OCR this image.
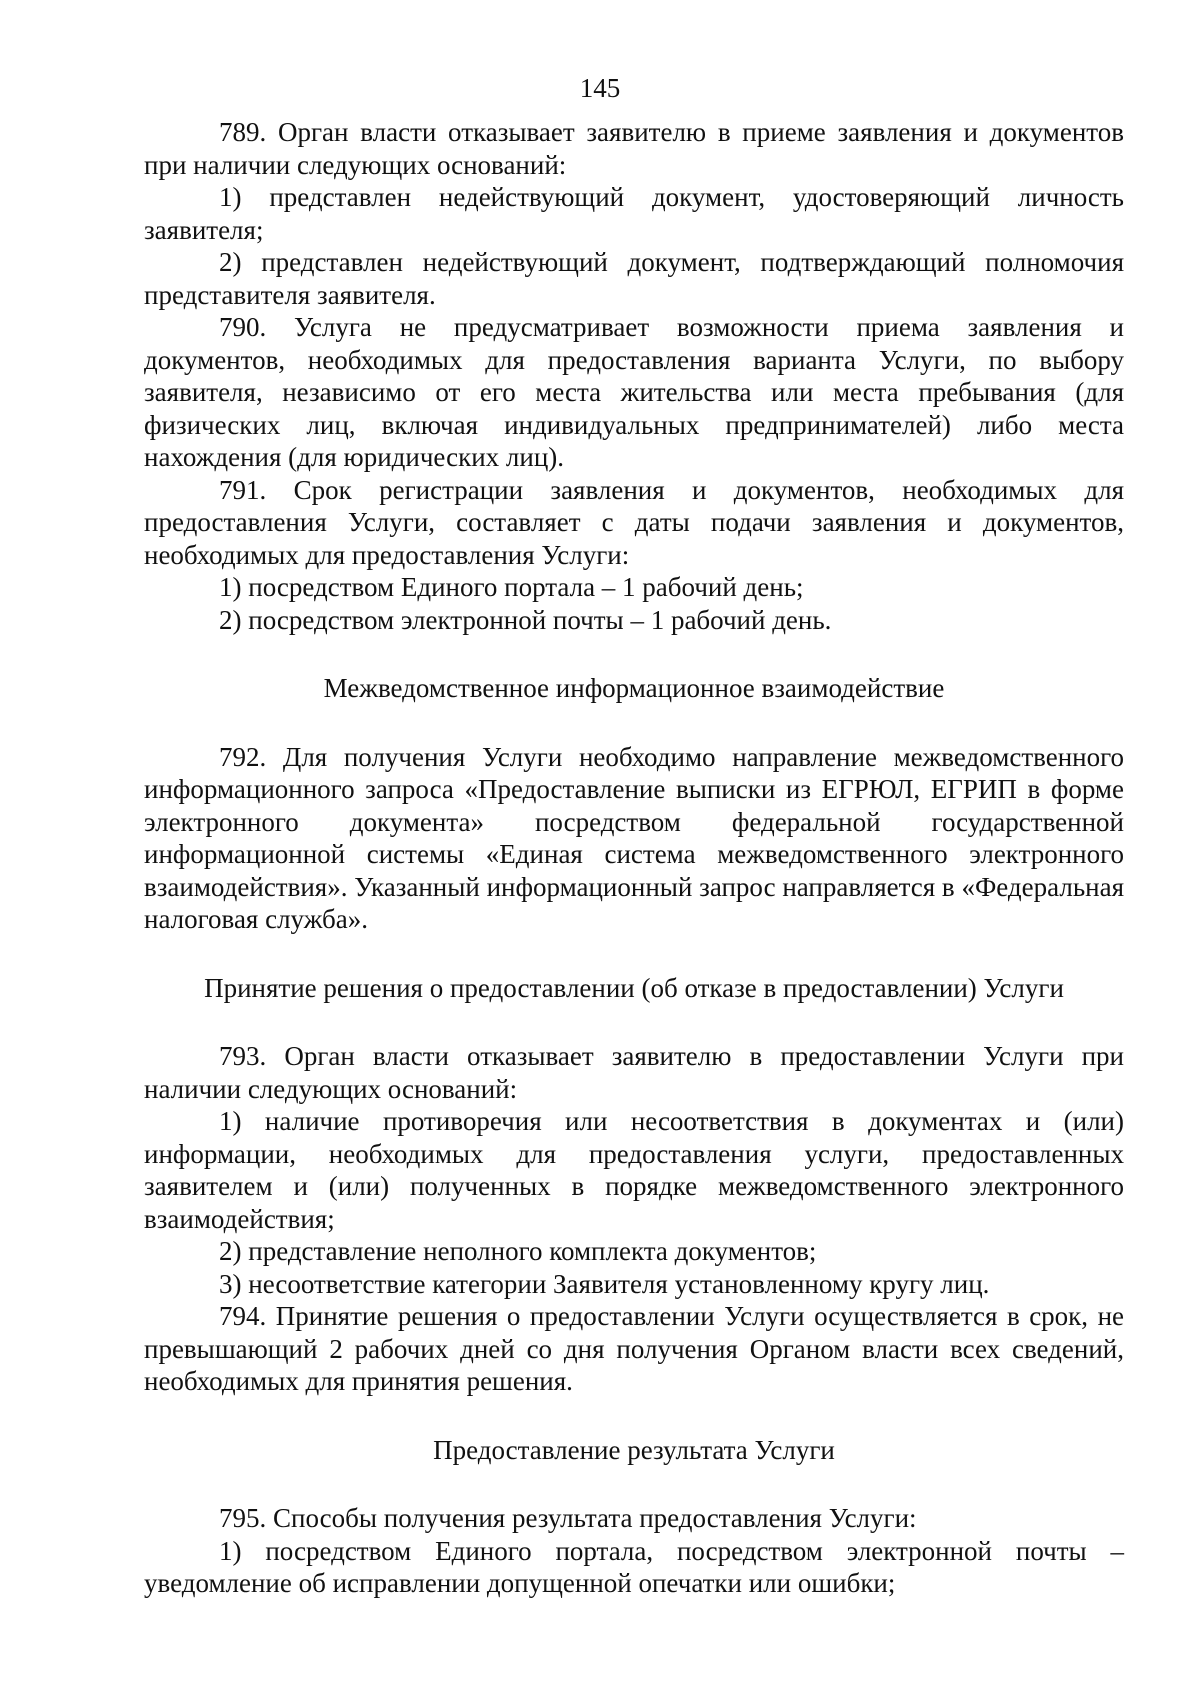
145

789. Орган власти отказывает заявителю в приеме заявления и документов при наличии следующих оснований:

1) представлен недействующий документ, удостоверяющий личность заявителя;

2) представлен недействующий документ, подтверждающий полномочия представителя заявителя.

790. Услуга не предусматривает возможности приема заявления и документов, необходимых для предоставления варианта Услуги, по выбору заявителя, независимо от его места жительства или места пребывания (для физических лиц, включая индивидуальных предпринимателей) либо места нахождения (для юридических лиц).

791. Срок регистрации заявления и документов, необходимых для предоставления Услуги, составляет с даты подачи заявления и документов, необходимых для предоставления Услуги:

1) посредством Единого портала – 1 рабочий день;

2) посредством электронной почты – 1 рабочий день.

Межведомственное информационное взаимодействие

792. Для получения Услуги необходимо направление межведомственного информационного запроса «Предоставление выписки из ЕГРЮЛ, ЕГРИП в форме электронного документа» посредством федеральной государственной информационной системы «Единая система межведомственного электронного взаимодействия». Указанный информационный запрос направляется в «Федеральная налоговая служба».

Принятие решения о предоставлении (об отказе в предоставлении) Услуги

793. Орган власти отказывает заявителю в предоставлении Услуги при наличии следующих оснований:

1) наличие противоречия или несоответствия в документах и (или) информации, необходимых для предоставления услуги, предоставленных заявителем и (или) полученных в порядке межведомственного электронного взаимодействия;

2) представление неполного комплекта документов;

3) несоответствие категории Заявителя установленному кругу лиц.

794. Принятие решения о предоставлении Услуги осуществляется в срок, не превышающий 2 рабочих дней со дня получения Органом власти всех сведений, необходимых для принятия решения.

Предоставление результата Услуги

795. Способы получения результата предоставления Услуги:

1) посредством Единого портала, посредством электронной почты – уведомление об исправлении допущенной опечатки или ошибки;
